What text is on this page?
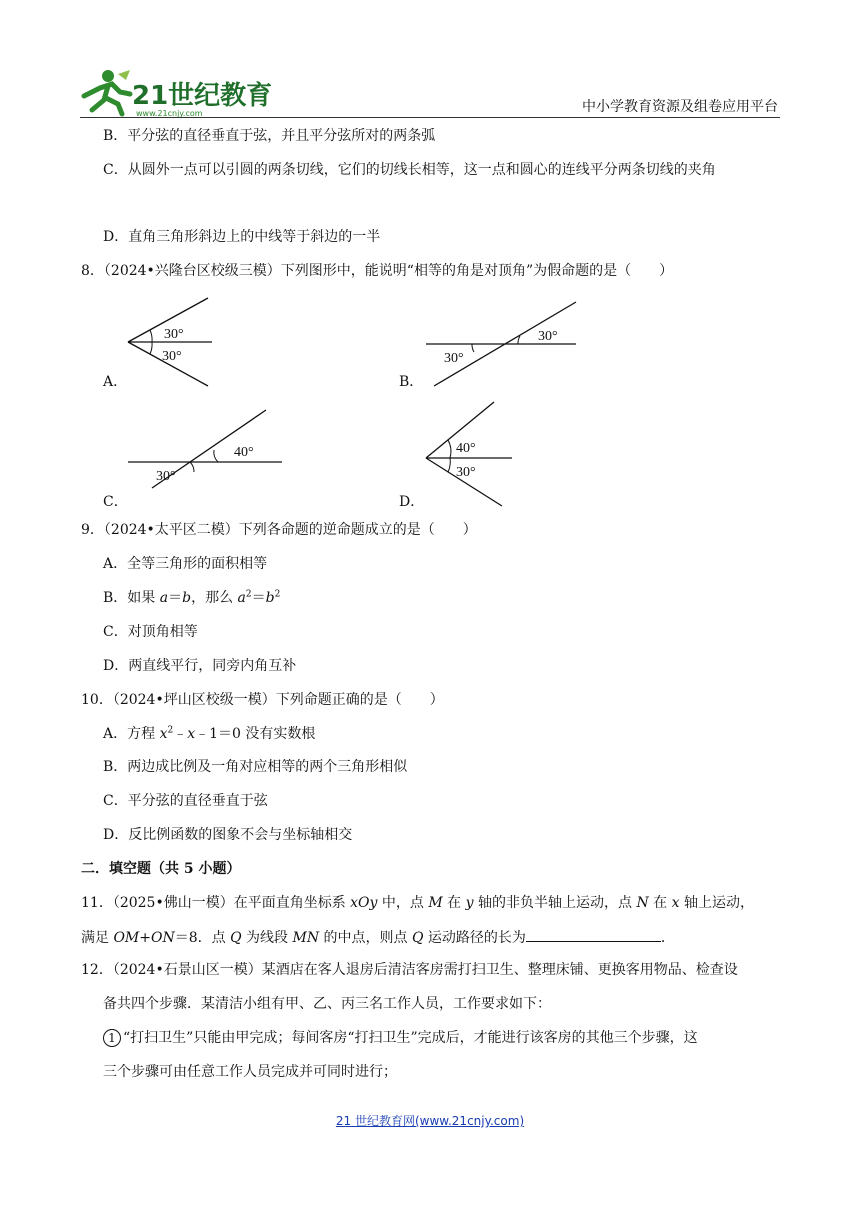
21世纪教育
www.21cnjy.com	中小学教育资源及组卷应用平台
B．平分弦的直径垂直于弦，并且平分弦所对的两条弧
C．从圆外一点可以引圆的两条切线，它们的切线长相等，这一点和圆心的连线平分两条切线的夹角
D．直角三角形斜边上的中线等于斜边的一半
8．（2024•兴隆台区校级三模）下列图形中，能说明“相等的角是对顶角”为假命题的是（　　）
30°
30°
A．
30°
30°
B．
40°
30°
C．
40°
30°
D．
9．（2024•太平区二模）下列各命题的逆命题成立的是（　　）
A．全等三角形的面积相等
B．如果 a＝b，那么 $a^2=b^2$
C．对顶角相等
D．两直线平行，同旁内角互补
10．（2024•坪山区校级一模）下列命题正确的是（　　）
A．方程 $x^2﹣x﹣1=0$ 没有实数根
B．两边成比例及一角对应相等的两个三角形相似
C．平分弦的直径垂直于弦
D．反比例函数的图象不会与坐标轴相交
二．填空题（共 5 小题）
11．（2025•佛山一模）在平面直角坐标系 xOy 中，点 M 在 y 轴的非负半轴上运动，点 N 在 x 轴上运动，
满足 OM+ON＝8．点 Q 为线段 MN 的中点，则点 Q 运动路径的长为	．
12．（2024•石景山区一模）某酒店在客人退房后清洁客房需打扫卫生、整理床铺、更换客用物品、检查设
备共四个步骤．某清洁小组有甲、乙、丙三名工作人员，工作要求如下：
1 “打扫卫生”只能由甲完成；每间客房“打扫卫生”完成后，才能进行该客房的其他三个步骤，这
三个步骤可由任意工作人员完成并可同时进行；
21 世纪教育网(www.21cnjy.com)
